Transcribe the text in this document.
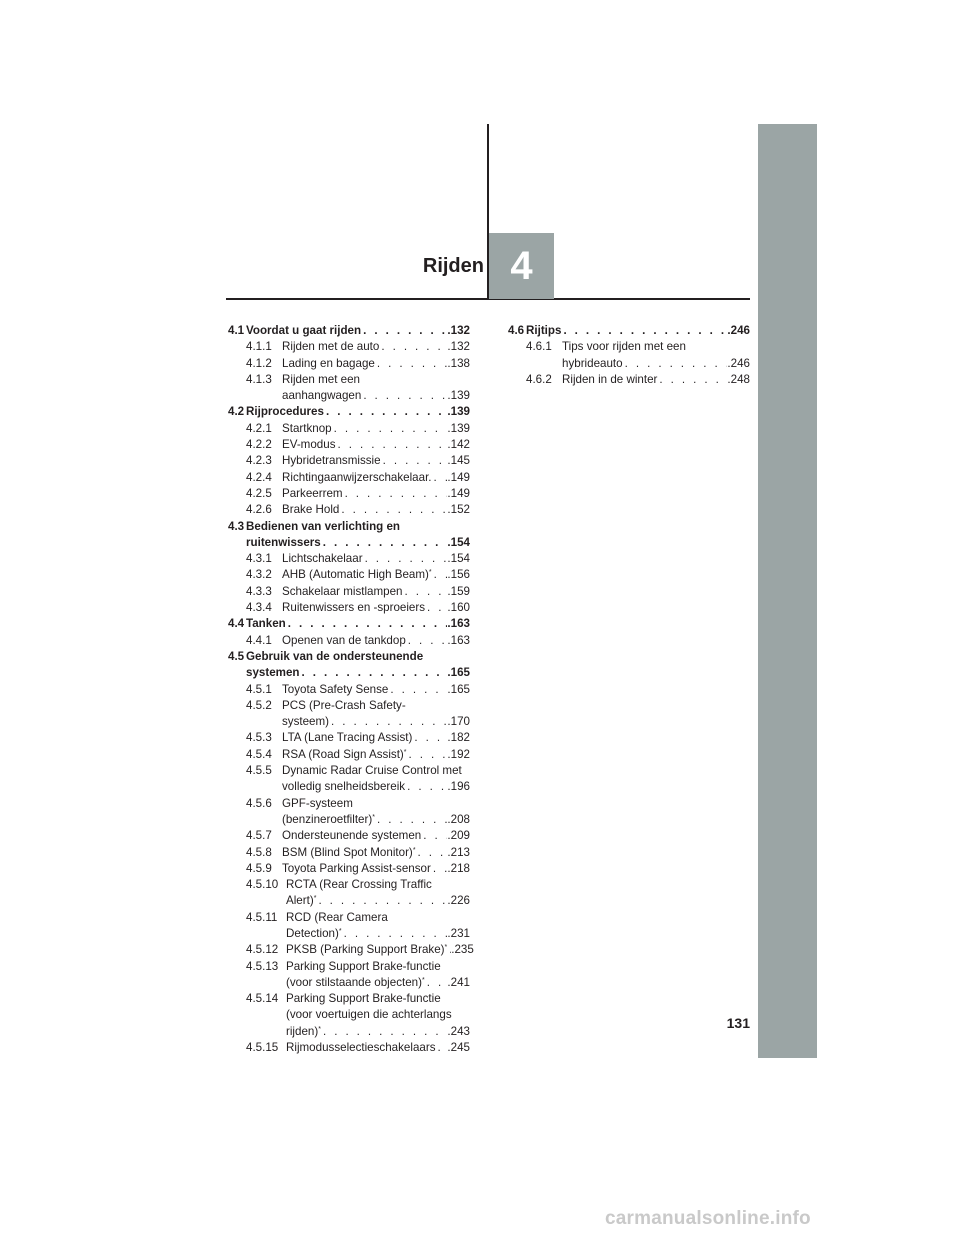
Rijden 4
4.1 Voordat u gaat rijden . . .	.132
4.1.1 Rijden met de auto . . .	.132
4.1.2 Lading en bagage . . .	.138
4.1.3 Rijden met een
aanhangwagen . . .	.139
4.2 Rijprocedures . . .	.139
4.2.1 Startknop . . .	.139
4.2.2 EV-modus . . .	.142
4.2.3 Hybridetransmissie . . .	.145
4.2.4 Richtingaanwijzerschakelaar. . . . .149
4.2.5 Parkeerrem . . .	.149
4.2.6 Brake Hold . . .	.152
4.3 Bedienen van verlichting en
ruitenwissers . . .	.154
4.3.1 Lichtschakelaar . . .	.154
4.3.2 AHB (Automatic High Beam)* . . . .156
4.3.3 Schakelaar mistlampen . . .	.159
4.3.4 Ruitenwissers en -sproeiers . . . .160
4.4 Tanken . . .	.163
4.4.1 Openen van de tankdop . . .	.163
4.5 Gebruik van de ondersteunende
systemen . . .	.165
4.5.1 Toyota Safety Sense . . .	.165
4.5.2 PCS (Pre-Crash Safety-
systeem) . . .	.170
4.5.3 LTA (Lane Tracing Assist) . . .	.182
4.5.4 RSA (Road Sign Assist)* . . .	.192
4.5.5 Dynamic Radar Cruise Control met
volledig snelheidsbereik . . .	.196
4.5.6 GPF-systeem
(benzineroetfilter)* . . .	.208
4.5.7 Ondersteunende systemen . . . .209
4.5.8 BSM (Blind Spot Monitor)* . . .	.213
4.5.9 Toyota Parking Assist-sensor . . . .218
4.5.10 RCTA (Rear Crossing Traffic
Alert)* . . .	.226
4.5.11 RCD (Rear Camera
Detection)* . . .	.231
4.5.12 PKSB (Parking Support Brake)* . . . .235
4.5.13 Parking Support Brake-functie
(voor stilstaande objecten)* . . . .241
4.5.14 Parking Support Brake-functie
(voor voertuigen die achterlangs
rijden)* . . .	.243
4.5.15 Rijmodusselectieschakelaars . . . .245
4.6 Rijtips . . .	.246
4.6.1 Tips voor rijden met een
hybrideauto . . .	.246
4.6.2 Rijden in de winter . . .	.248
131
carmanualsonline.info
